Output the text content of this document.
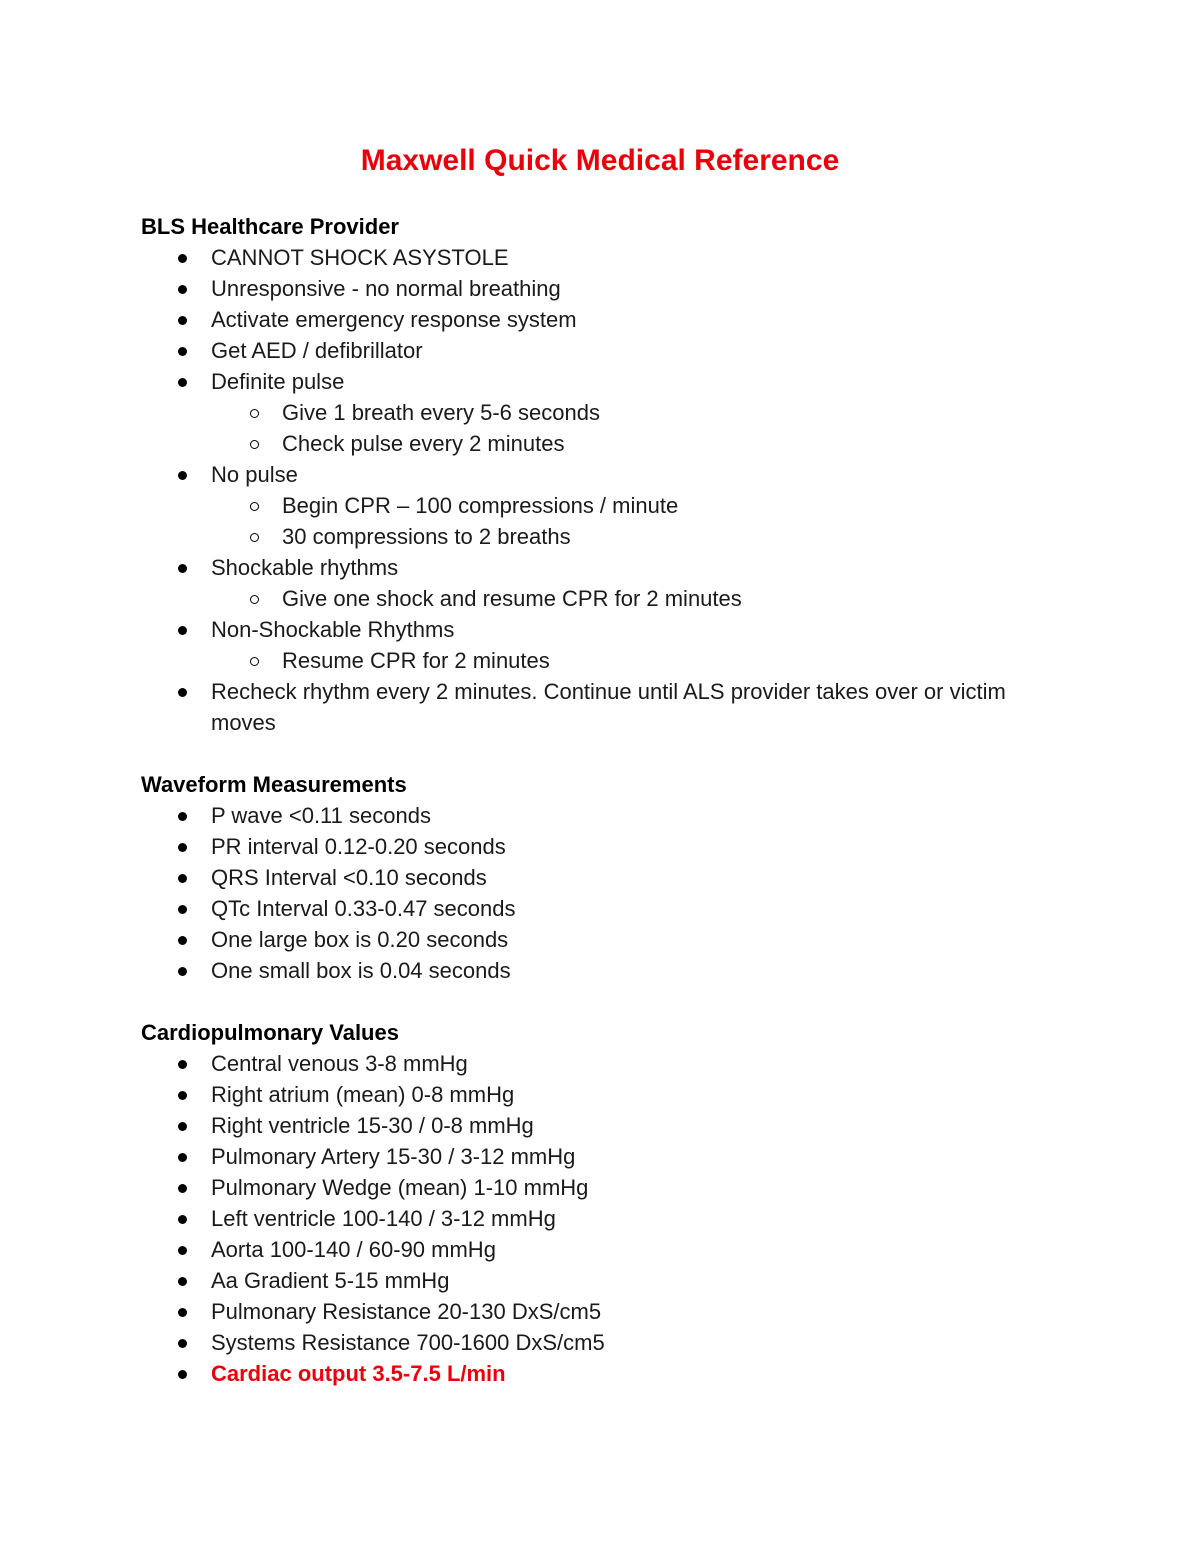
Maxwell Quick Medical Reference
BLS Healthcare Provider
CANNOT SHOCK ASYSTOLE
Unresponsive - no normal breathing
Activate emergency response system
Get AED / defibrillator
Definite pulse
Give 1 breath every 5-6 seconds
Check pulse every 2 minutes
No pulse
Begin CPR – 100 compressions / minute
30 compressions to 2 breaths
Shockable rhythms
Give one shock and resume CPR for 2 minutes
Non-Shockable Rhythms
Resume CPR for 2 minutes
Recheck rhythm every 2 minutes. Continue until ALS provider takes over or victim moves
Waveform Measurements
P wave <0.11 seconds
PR interval 0.12-0.20 seconds
QRS Interval <0.10 seconds
QTc Interval 0.33-0.47 seconds
One large box is 0.20 seconds
One small box is 0.04 seconds
Cardiopulmonary Values
Central venous 3-8 mmHg
Right atrium (mean) 0-8 mmHg
Right ventricle 15-30 / 0-8 mmHg
Pulmonary Artery 15-30 / 3-12 mmHg
Pulmonary Wedge (mean) 1-10 mmHg
Left ventricle 100-140 / 3-12 mmHg
Aorta 100-140 / 60-90 mmHg
Aa Gradient 5-15 mmHg
Pulmonary Resistance 20-130 DxS/cm5
Systems Resistance 700-1600 DxS/cm5
Cardiac output 3.5-7.5 L/min
